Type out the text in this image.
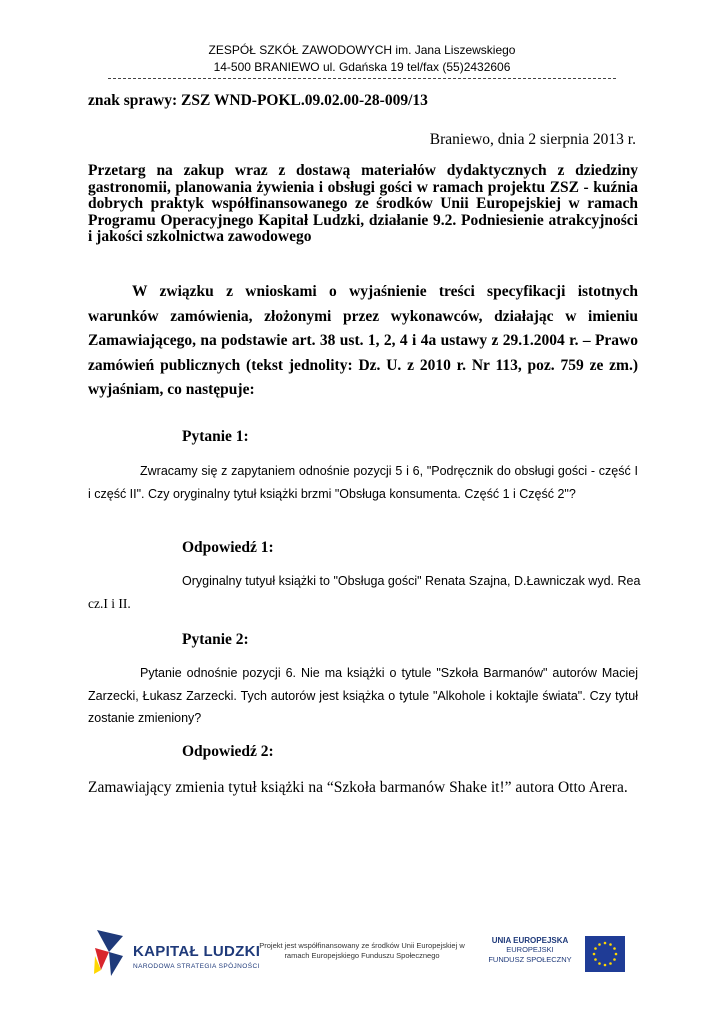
ZESPÓŁ SZKÓŁ ZAWODOWYCH im. Jana Liszewskiego
14-500 BRANIEWO ul. Gdańska 19 tel/fax (55)2432606
znak sprawy: ZSZ WND-POKL.09.02.00-28-009/13
Braniewo, dnia 2 sierpnia 2013 r.
Przetarg na zakup wraz z dostawą materiałów dydaktycznych z dziedziny gastronomii, planowania żywienia i obsługi gości w ramach projektu ZSZ - kuźnia dobrych praktyk współfinansowanego ze środków Unii Europejskiej w ramach Programu Operacyjnego Kapitał Ludzki, działanie 9.2. Podniesienie atrakcyjności i jakości szkolnictwa zawodowego
W związku z wnioskami o wyjaśnienie treści specyfikacji istotnych warunków zamówienia, złożonymi przez wykonawców, działając w imieniu Zamawiającego, na podstawie art. 38 ust. 1, 2, 4 i 4a ustawy z 29.1.2004 r. – Prawo zamówień publicznych (tekst jednolity: Dz. U. z 2010 r. Nr 113, poz. 759 ze zm.) wyjaśniam, co następuje:
Pytanie 1:
Zwracamy się z zapytaniem odnośnie pozycji 5 i 6, "Podręcznik do obsługi gości - część I i część II". Czy oryginalny tytuł książki brzmi "Obsługa konsumenta. Część 1 i Część 2"?
Odpowiedź 1:
Oryginalny tutyuł książki to "Obsługa gości" Renata Szajna, D.Ławniczak wyd. Rea
cz.I i II.
Pytanie 2:
Pytanie odnośnie pozycji 6. Nie ma książki o tytule "Szkoła Barmanów" autorów Maciej Zarzecki, Łukasz Zarzecki. Tych autorów jest książka o tytule "Alkohole i koktajle świata". Czy tytuł zostanie zmieniony?
Odpowiedź 2:
Zamawiający zmienia tytuł książki na “Szkoła barmanów Shake it!” autora Otto Arera.
KAPITAŁ LUDZKI
NARODOWA STRATEGIA SPÓJNOŚCI
Projekt jest współfinansowany ze środków Unii Europejskiej w ramach Europejskiego Funduszu Społecznego
UNIA EUROPEJSKA
EUROPEJSKI
FUNDUSZ SPOŁECZNY
